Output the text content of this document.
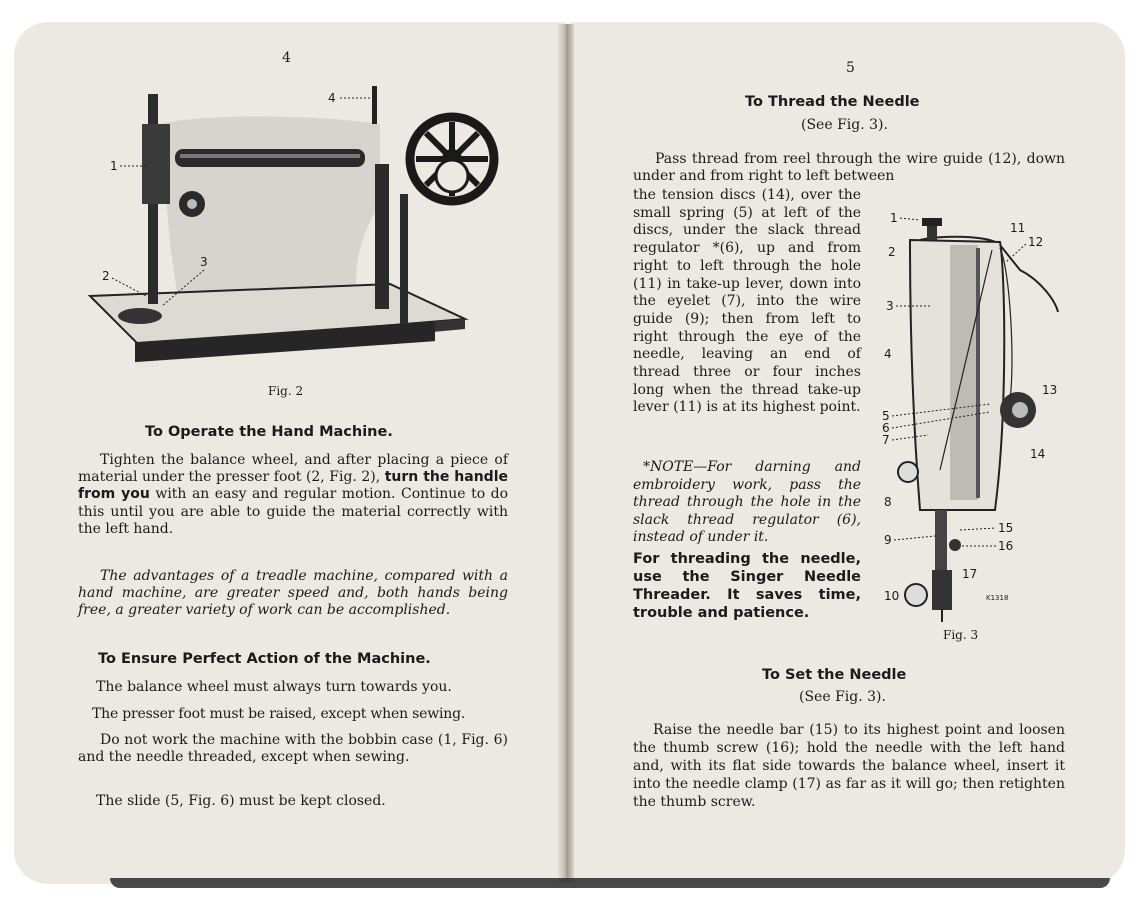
4
4
1
2
3
K1315
Fig. 2
To Operate the Hand Machine.
Tighten the balance wheel, and after placing a piece of material under the presser foot (2, Fig. 2), turn the handle from you with an easy and regular motion. Continue to do this until you are able to guide the material correctly with the left hand.

The advantages of a treadle machine, compared with a hand machine, are greater speed and, both hands being free, a greater variety of work can be accomplished.

To Ensure Perfect Action of the Machine.

The balance wheel must always turn towards you.

The presser foot must be raised, except when sewing.

Do not work the machine with the bobbin case (1, Fig. 6) and the needle threaded, except when sewing.

The slide (5, Fig. 6) must be kept closed.

5
To Thread the Needle
(See Fig. 3).

Pass thread from reel through the wire guide (12), down under and from right to left between

the tension discs (14), over the small spring (5) at left of the discs, under the slack thread regulator *(6), up and from right to left through the hole (11) in take-up lever, down into the eyelet (7), into the wire guide (9); then from left to right through the eye of the needle, leaving an end of thread three or four inches long when the thread take-up lever (11) is at its highest point.

*NOTE—For darning and embroidery work, pass the thread through the hole in the slack thread regulator (6), instead of under it.

For threading the needle, use the Singer Needle Threader. It saves time, trouble and patience.

1
2
3
4
5
6
7
8
9
10
11
12
13
14
15
16
17
K1318
Fig. 3
To Set the Needle
(See Fig. 3).

Raise the needle bar (15) to its highest point and loosen the thumb screw (16); hold the needle with the left hand and, with its flat side towards the balance wheel, insert it into the needle clamp (17) as far as it will go; then retighten the thumb screw.
